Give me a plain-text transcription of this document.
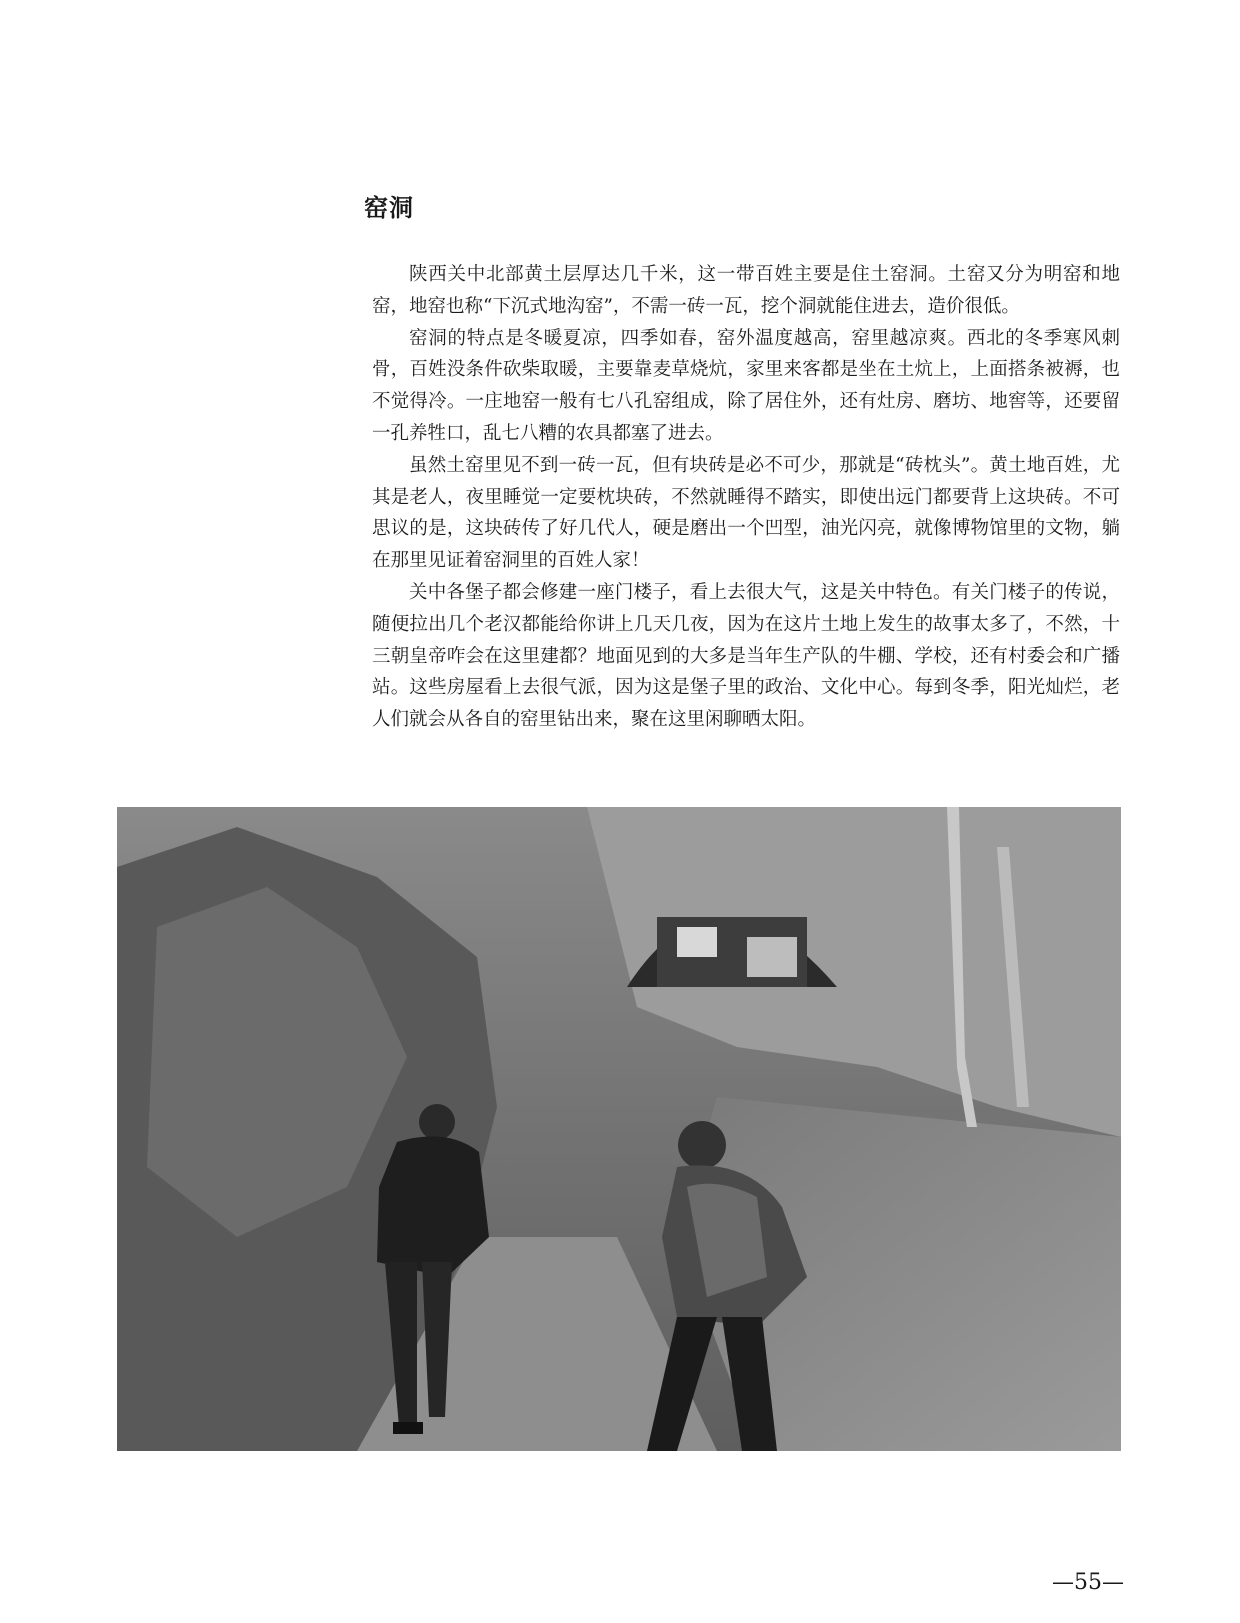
窑洞

陕西关中北部黄土层厚达几千米，这一带百姓主要是住土窑洞。土窑又分为明窑和地窑，地窑也称“下沉式地沟窑”，不需一砖一瓦，挖个洞就能住进去，造价很低。

窑洞的特点是冬暖夏凉，四季如春，窑外温度越高，窑里越凉爽。西北的冬季寒风刺骨，百姓没条件砍柴取暖，主要靠麦草烧炕，家里来客都是坐在土炕上，上面搭条被褥，也不觉得冷。一庄地窑一般有七八孔窑组成，除了居住外，还有灶房、磨坊、地窖等，还要留一孔养牲口，乱七八糟的农具都塞了进去。

虽然土窑里见不到一砖一瓦，但有块砖是必不可少，那就是“砖枕头”。黄土地百姓，尤其是老人，夜里睡觉一定要枕块砖，不然就睡得不踏实，即使出远门都要背上这块砖。不可思议的是，这块砖传了好几代人，硬是磨出一个凹型，油光闪亮，就像博物馆里的文物，躺在那里见证着窑洞里的百姓人家！

关中各堡子都会修建一座门楼子，看上去很大气，这是关中特色。有关门楼子的传说，随便拉出几个老汉都能给你讲上几天几夜，因为在这片土地上发生的故事太多了，不然，十三朝皇帝咋会在这里建都？地面见到的大多是当年生产队的牛棚、学校，还有村委会和广播站。这些房屋看上去很气派，因为这是堡子里的政治、文化中心。每到冬季，阳光灿烂，老人们就会从各自的窑里钻出来，聚在这里闲聊晒太阳。

—55—
